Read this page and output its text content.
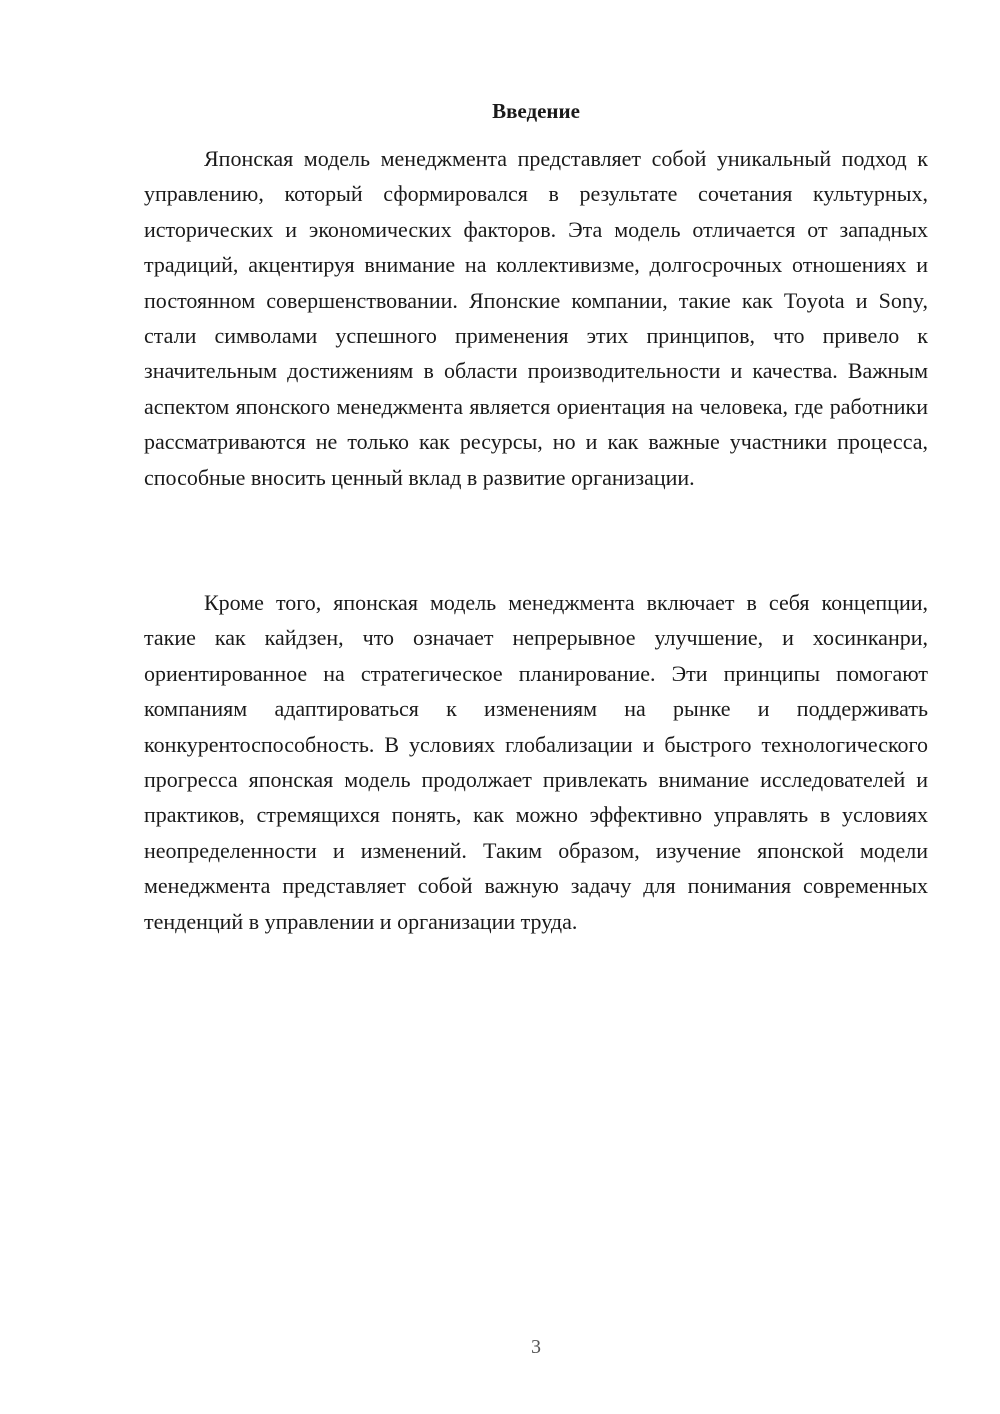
Введение

Японская модель менеджмента представляет собой уникальный подход к управлению, который сформировался в результате сочетания культурных, исторических и экономических факторов. Эта модель отличается от западных традиций, акцентируя внимание на коллективизме, долгосрочных отношениях и постоянном совершенствовании. Японские компании, такие как Toyota и Sony, стали символами успешного применения этих принципов, что привело к значительным достижениям в области производительности и качества. Важным аспектом японского менеджмента является ориентация на человека, где работники рассматриваются не только как ресурсы, но и как важные участники процесса, способные вносить ценный вклад в развитие организации.

Кроме того, японская модель менеджмента включает в себя концепции, такие как кайдзен, что означает непрерывное улучшение, и хосинканри, ориентированное на стратегическое планирование. Эти принципы помогают компаниям адаптироваться к изменениям на рынке и поддерживать конкурентоспособность. В условиях глобализации и быстрого технологического прогресса японская модель продолжает привлекать внимание исследователей и практиков, стремящихся понять, как можно эффективно управлять в условиях неопределенности и изменений. Таким образом, изучение японской модели менеджмента представляет собой важную задачу для понимания современных тенденций в управлении и организации труда.

3
